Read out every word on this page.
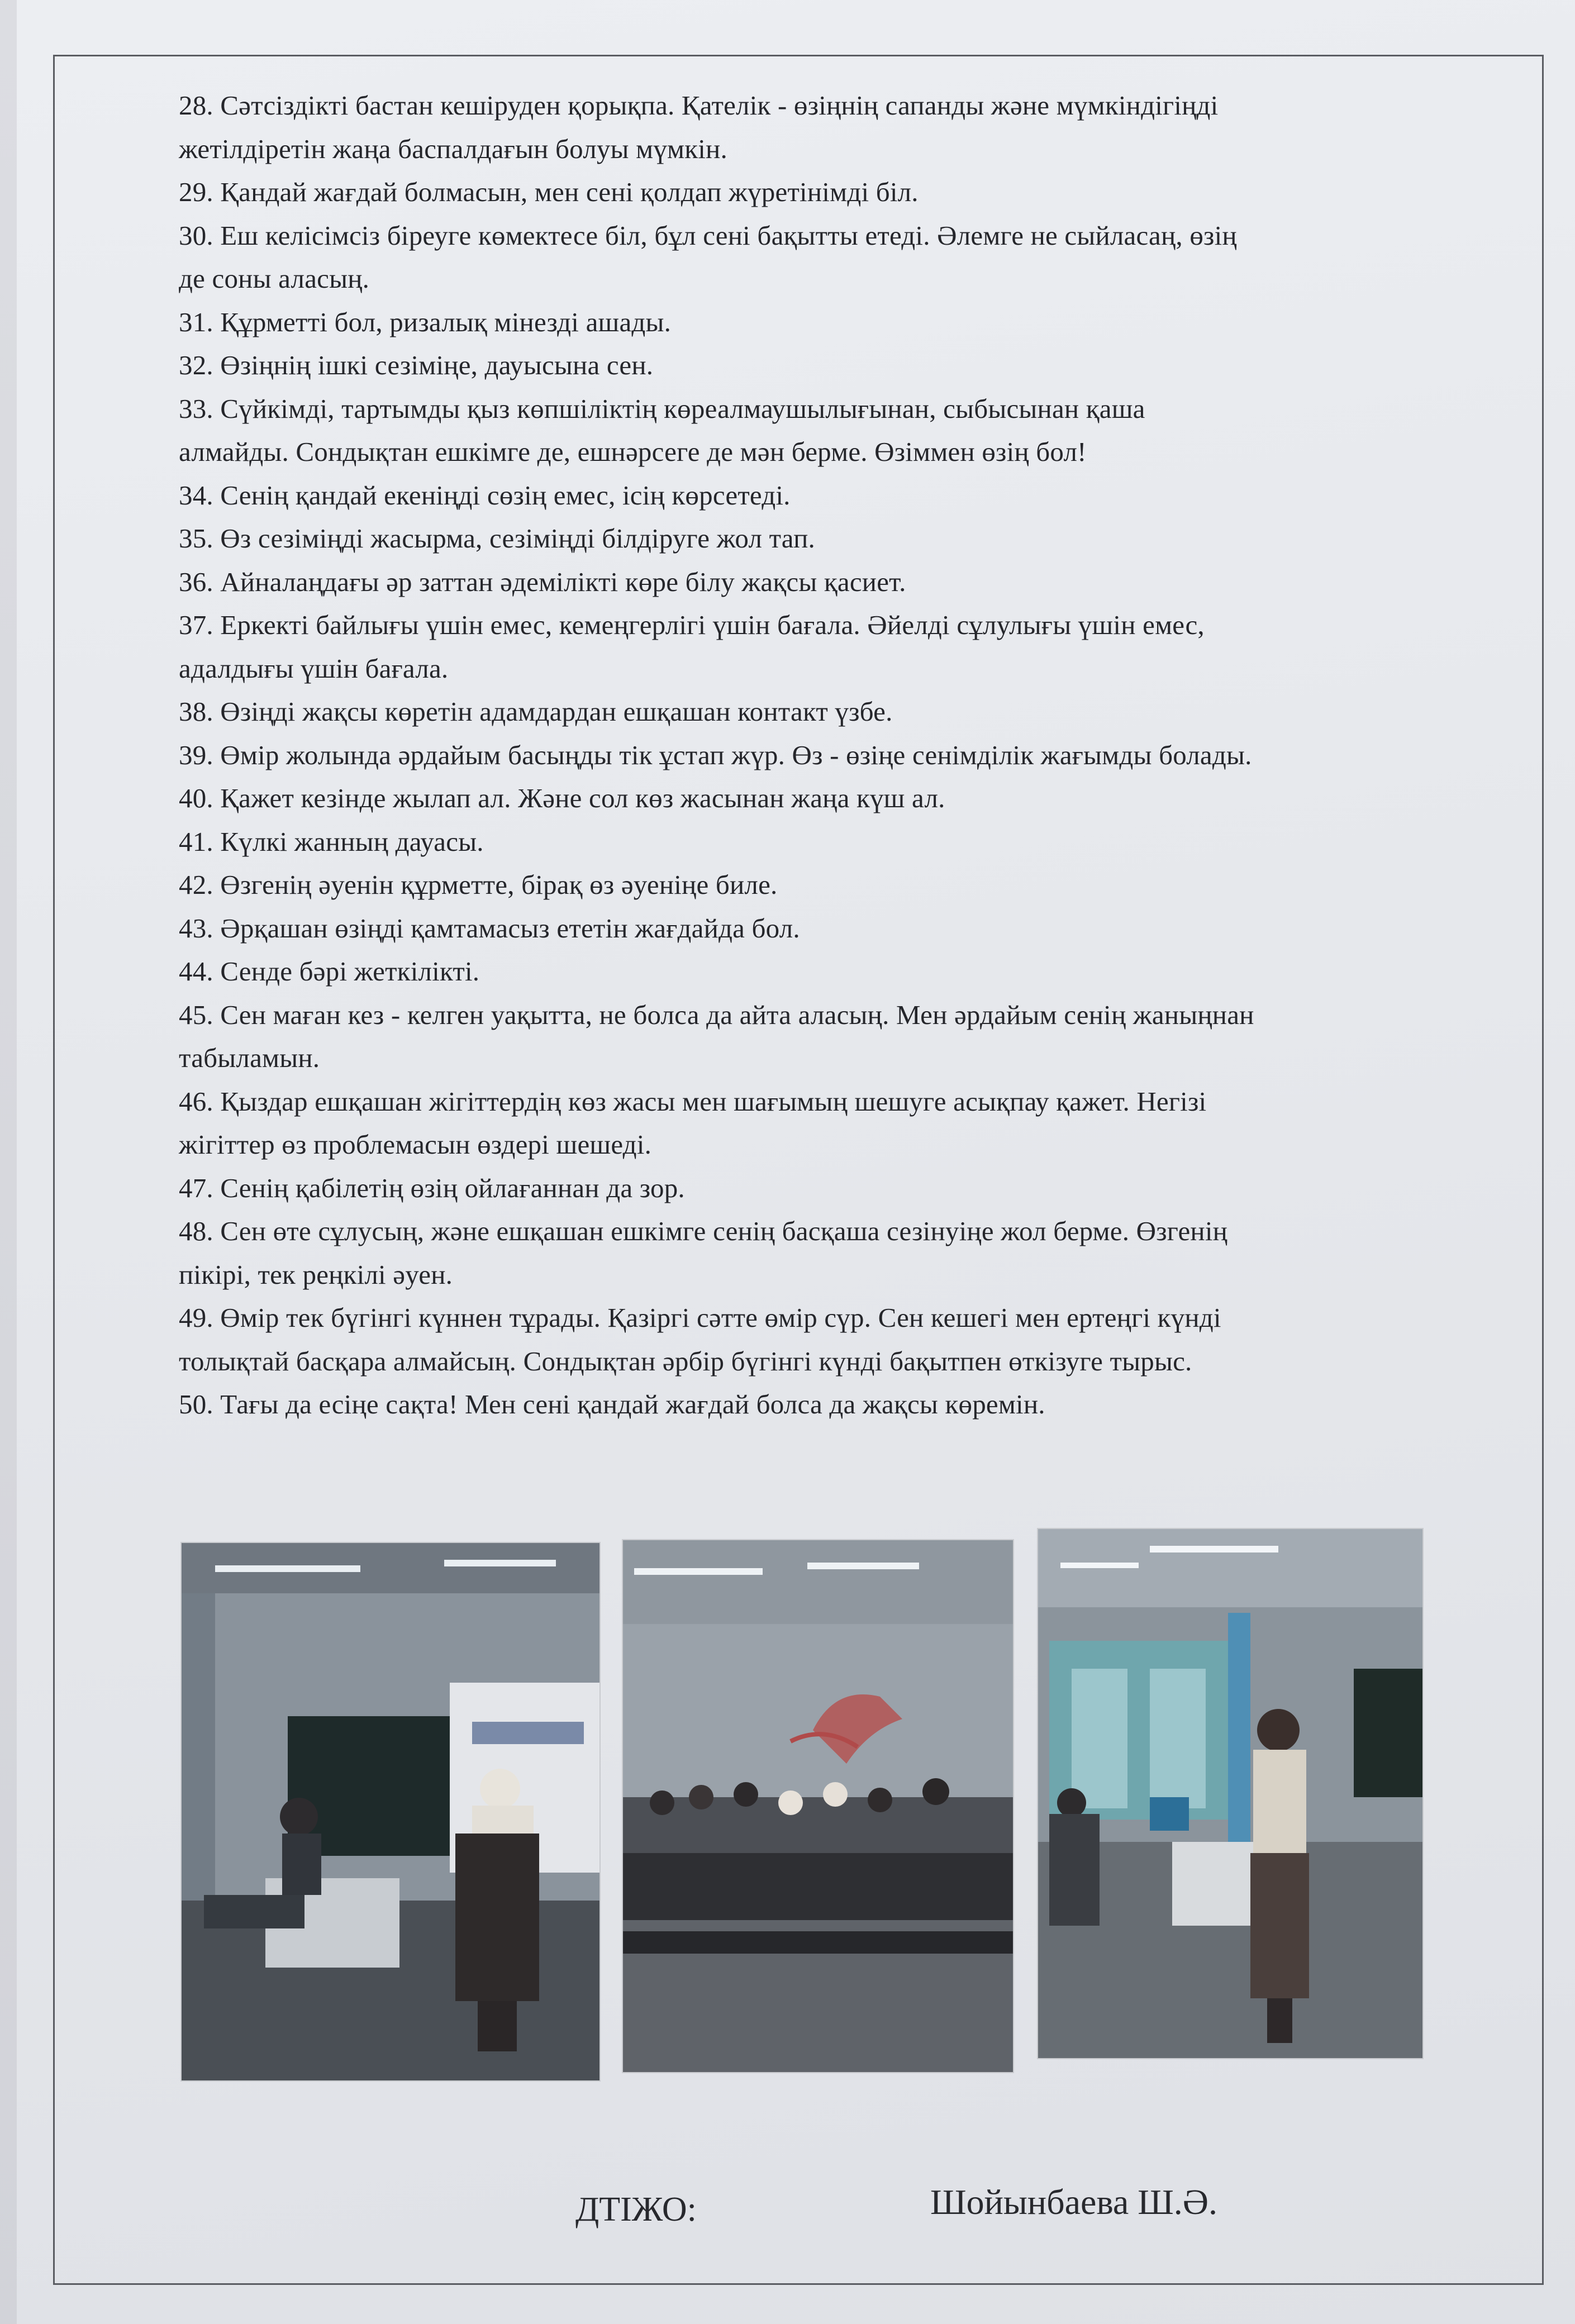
28. Сәтсіздікті бастан кешіруден қорықпа. Қателік - өзіңнің сапанды және мүмкіндігіңді
жетілдіретін жаңа баспалдағын болуы мүмкін.
29. Қандай жағдай болмасын, мен сені қолдап жүретінімді біл.
30. Еш келісімсіз біреуге көмектесе біл, бұл сені бақытты етеді. Әлемге не сыйласаң, өзің
де соны аласың.
31. Құрметті бол, ризалық мінезді ашады.
32. Өзіңнің ішкі сезіміңе, дауысына сен.
33. Сүйкімді, тартымды қыз көпшіліктің көреалмаушылығынан, сыбысынан қаша
алмайды. Сондықтан ешкімге де, ешнәрсеге де мән берме. Өзіммен өзің бол!
34. Сенің қандай екеніңді сөзің емес, ісің көрсетеді.
35. Өз сезіміңді жасырма, сезіміңді білдіруге жол тап.
36. Айналаңдағы әр заттан әдемілікті көре білу жақсы қасиет.
37. Еркекті байлығы үшін емес, кемеңгерлігі үшін бағала. Әйелді сұлулығы үшін емес,
адалдығы үшін бағала.
38. Өзіңді жақсы көретін адамдардан ешқашан контакт үзбе.
39. Өмір жолында әрдайым басыңды тік ұстап жүр. Өз - өзіңе сенімділік жағымды болады.
40. Қажет кезінде жылап ал. Және сол көз жасынан жаңа күш ал.
41. Күлкі жанның дауасы.
42. Өзгенің әуенін құрметте, бірақ өз әуеніңе биле.
43. Әрқашан өзіңді қамтамасыз ететін жағдайда бол.
44. Сенде бәрі жеткілікті.
45. Сен маған кез - келген уақытта, не болса да айта аласың. Мен әрдайым сенің жаныңнан
табыламын.
46. Қыздар ешқашан жігіттердің көз жасы мен шағымың шешуге асықпау қажет. Негізі
жігіттер өз проблемасын өздері шешеді.
47. Сенің қабілетің өзің ойлағаннан да зор.
48. Сен өте сұлусың, және ешқашан ешкімге сенің басқаша сезінуіңе жол берме. Өзгенің
пікірі, тек реңкілі әуен.
49. Өмір тек бүгінгі күннен тұрады. Қазіргі сәтте өмір сүр. Сен кешегі мен ертеңгі күнді
толықтай басқара алмайсың. Сондықтан әрбір бүгінгі күнді бақытпен өткізуге тырыс.
50. Тағы да есіңе сақта! Мен сені қандай жағдай болса да жақсы көремін.
ДТІЖО:	Шойынбаева Ш.Ә.
